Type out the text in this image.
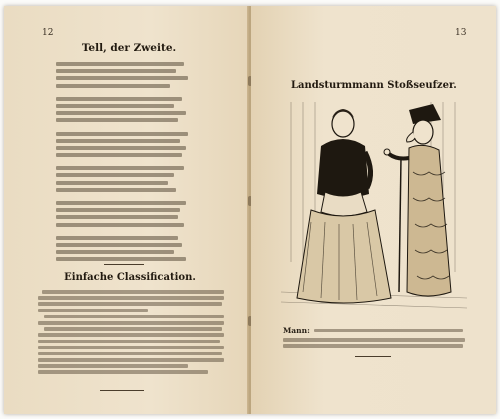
12
Tell, der Zweite.
Einfache Classification.
13
Landsturmmann Stoßseufzer.
Mann:
